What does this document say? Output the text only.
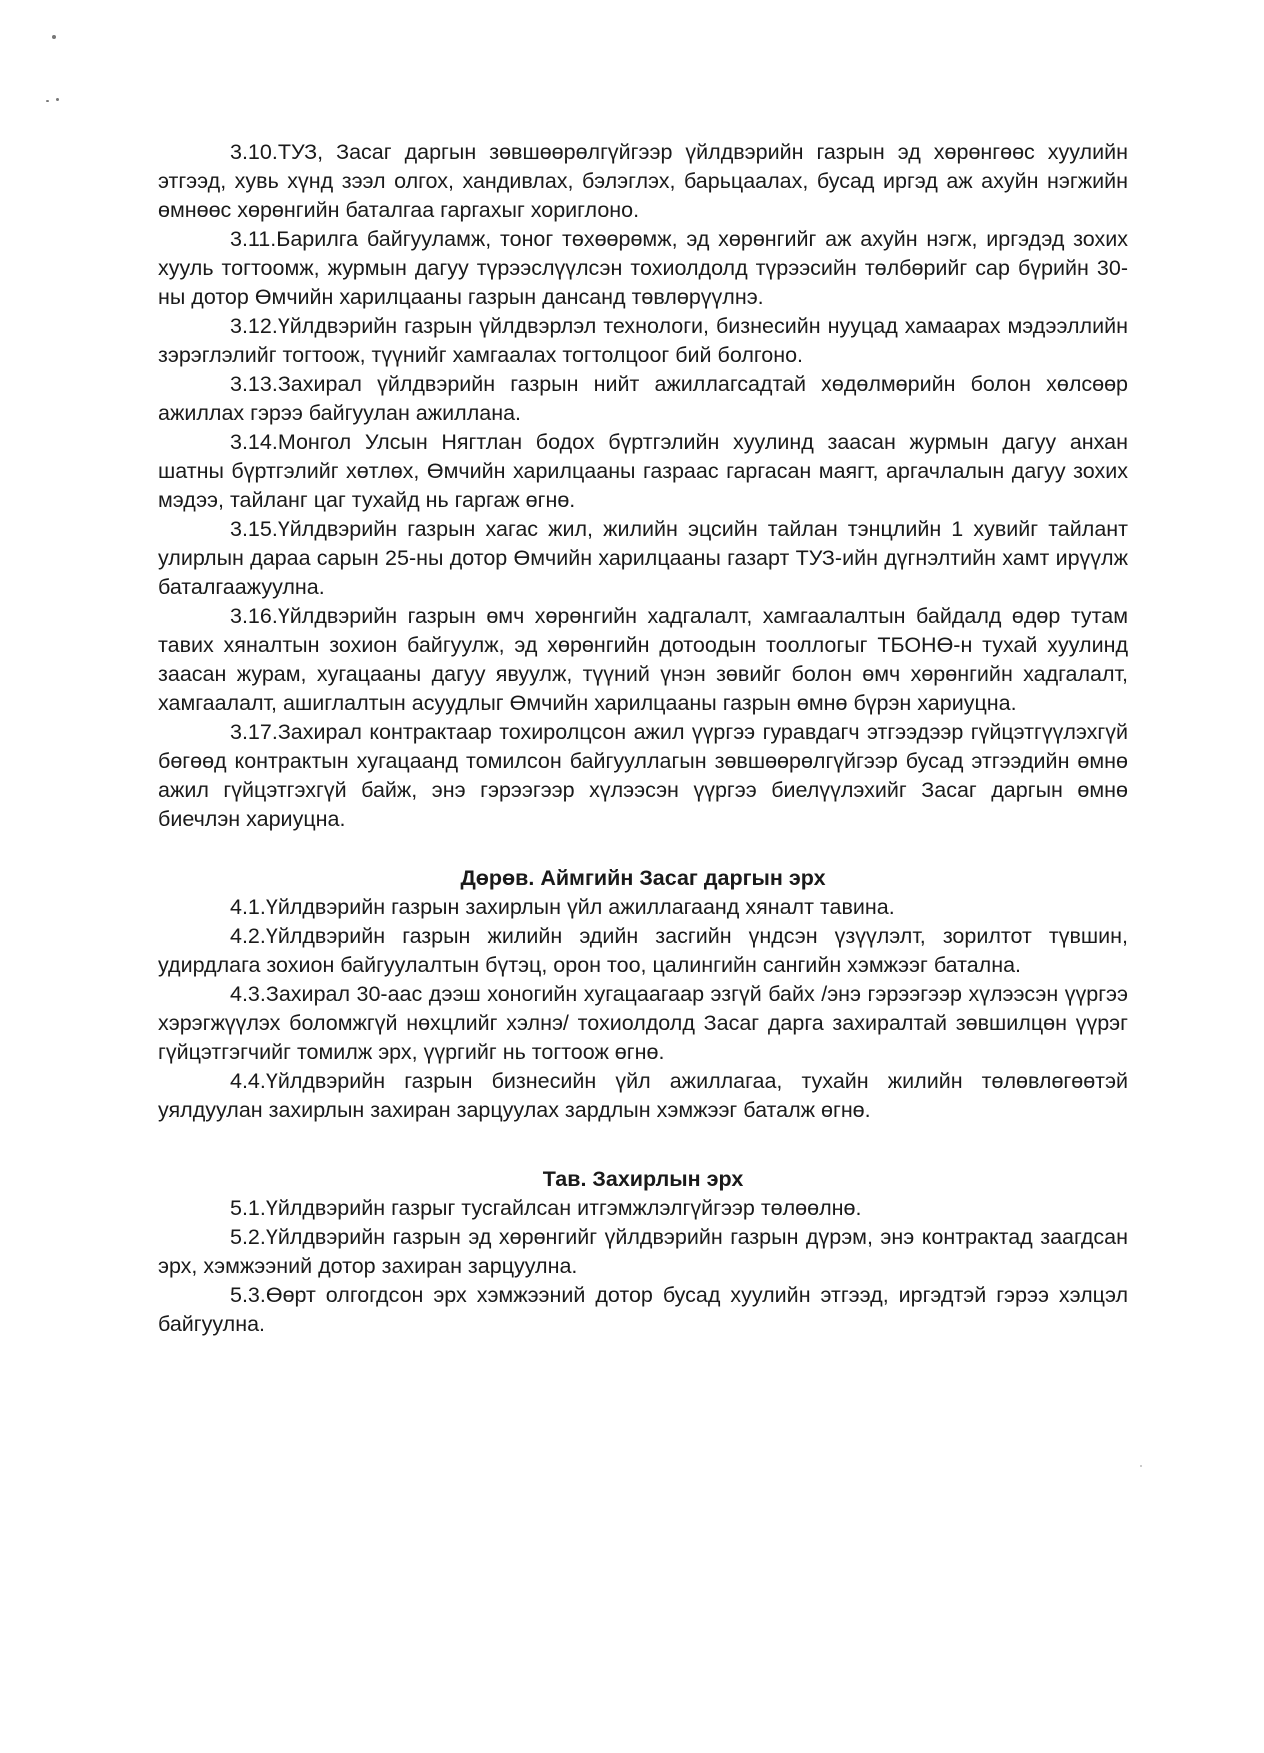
3.10.ТУЗ, Засаг даргын зөвшөөрөлгүйгээр үйлдвэрийн газрын эд хөрөнгөөс хуулийн этгээд, хувь хүнд зээл олгох, хандивлах, бэлэглэх, барьцаалах, бусад иргэд аж ахуйн нэгжийн өмнөөс хөрөнгийн баталгаа гаргахыг хориглоно.

3.11.Барилга байгууламж, тоног төхөөрөмж, эд хөрөнгийг аж ахуйн нэгж, иргэдэд зохих хууль тогтоомж, журмын дагуу түрээслүүлсэн тохиолдолд түрээсийн төлбөрийг сар бүрийн 30-ны дотор Өмчийн харилцааны газрын дансанд төвлөрүүлнэ.

3.12.Үйлдвэрийн газрын үйлдвэрлэл технологи, бизнесийн нууцад хамаарах мэдээллийн зэрэглэлийг тогтоож, түүнийг хамгаалах тогтолцоог бий болгоно.

3.13.Захирал үйлдвэрийн газрын нийт ажиллагсадтай хөдөлмөрийн болон хөлсөөр ажиллах гэрээ байгуулан ажиллана.

3.14.Монгол Улсын Нягтлан бодох бүртгэлийн хуулинд заасан журмын дагуу анхан шатны бүртгэлийг хөтлөх, Өмчийн харилцааны газраас гаргасан маягт, аргачлалын дагуу зохих мэдээ, тайланг цаг тухайд нь гаргаж өгнө.

3.15.Үйлдвэрийн газрын хагас жил, жилийн эцсийн тайлан тэнцлийн 1 хувийг тайлант улирлын дараа сарын 25-ны дотор Өмчийн харилцааны газарт ТУЗ-ийн дүгнэлтийн хамт ирүүлж баталгаажуулна.

3.16.Үйлдвэрийн газрын өмч хөрөнгийн хадгалалт, хамгаалалтын байдалд өдөр тутам тавих хяналтын зохион байгуулж, эд хөрөнгийн дотоодын тооллогыг ТБОНӨ-н тухай хуулинд заасан журам, хугацааны дагуу явуулж, түүний үнэн зөвийг болон өмч хөрөнгийн хадгалалт, хамгаалалт, ашиглалтын асуудлыг Өмчийн харилцааны газрын өмнө бүрэн хариуцна.

3.17.Захирал контрактаар тохиролцсон ажил үүргээ гуравдагч этгээдээр гүйцэтгүүлэхгүй бөгөөд контрактын хугацаанд томилсон байгууллагын зөвшөөрөлгүйгээр бусад этгээдийн өмнө ажил гүйцэтгэхгүй байж, энэ гэрээгээр хүлээсэн үүргээ биелүүлэхийг Засаг даргын өмнө биечлэн хариуцна.

Дөрөв. Аймгийн Засаг даргын эрх

4.1.Үйлдвэрийн газрын захирлын үйл ажиллагаанд хяналт тавина.

4.2.Үйлдвэрийн газрын жилийн эдийн засгийн үндсэн үзүүлэлт, зорилтот түвшин, удирдлага зохион байгуулалтын бүтэц, орон тоо, цалингийн сангийн хэмжээг батална.

4.3.Захирал 30-аас дээш хоногийн хугацаагаар эзгүй байх /энэ гэрээгээр хүлээсэн үүргээ хэрэгжүүлэх боломжгүй нөхцлийг хэлнэ/ тохиолдолд Засаг дарга захиралтай зөвшилцөн үүрэг гүйцэтгэгчийг томилж эрх, үүргийг нь тогтоож өгнө.

4.4.Үйлдвэрийн газрын бизнесийн үйл ажиллагаа, тухайн жилийн төлөвлөгөөтэй уялдуулан захирлын захиран зарцуулах зардлын хэмжээг баталж өгнө.

Тав. Захирлын эрх

5.1.Үйлдвэрийн газрыг тусгайлсан итгэмжлэлгүйгээр төлөөлнө.

5.2.Үйлдвэрийн газрын эд хөрөнгийг үйлдвэрийн газрын дүрэм, энэ контрактад заагдсан эрх, хэмжээний дотор захиран зарцуулна.

5.3.Өөрт олгогдсон эрх хэмжээний дотор бусад хуулийн этгээд, иргэдтэй гэрээ хэлцэл байгуулна.
